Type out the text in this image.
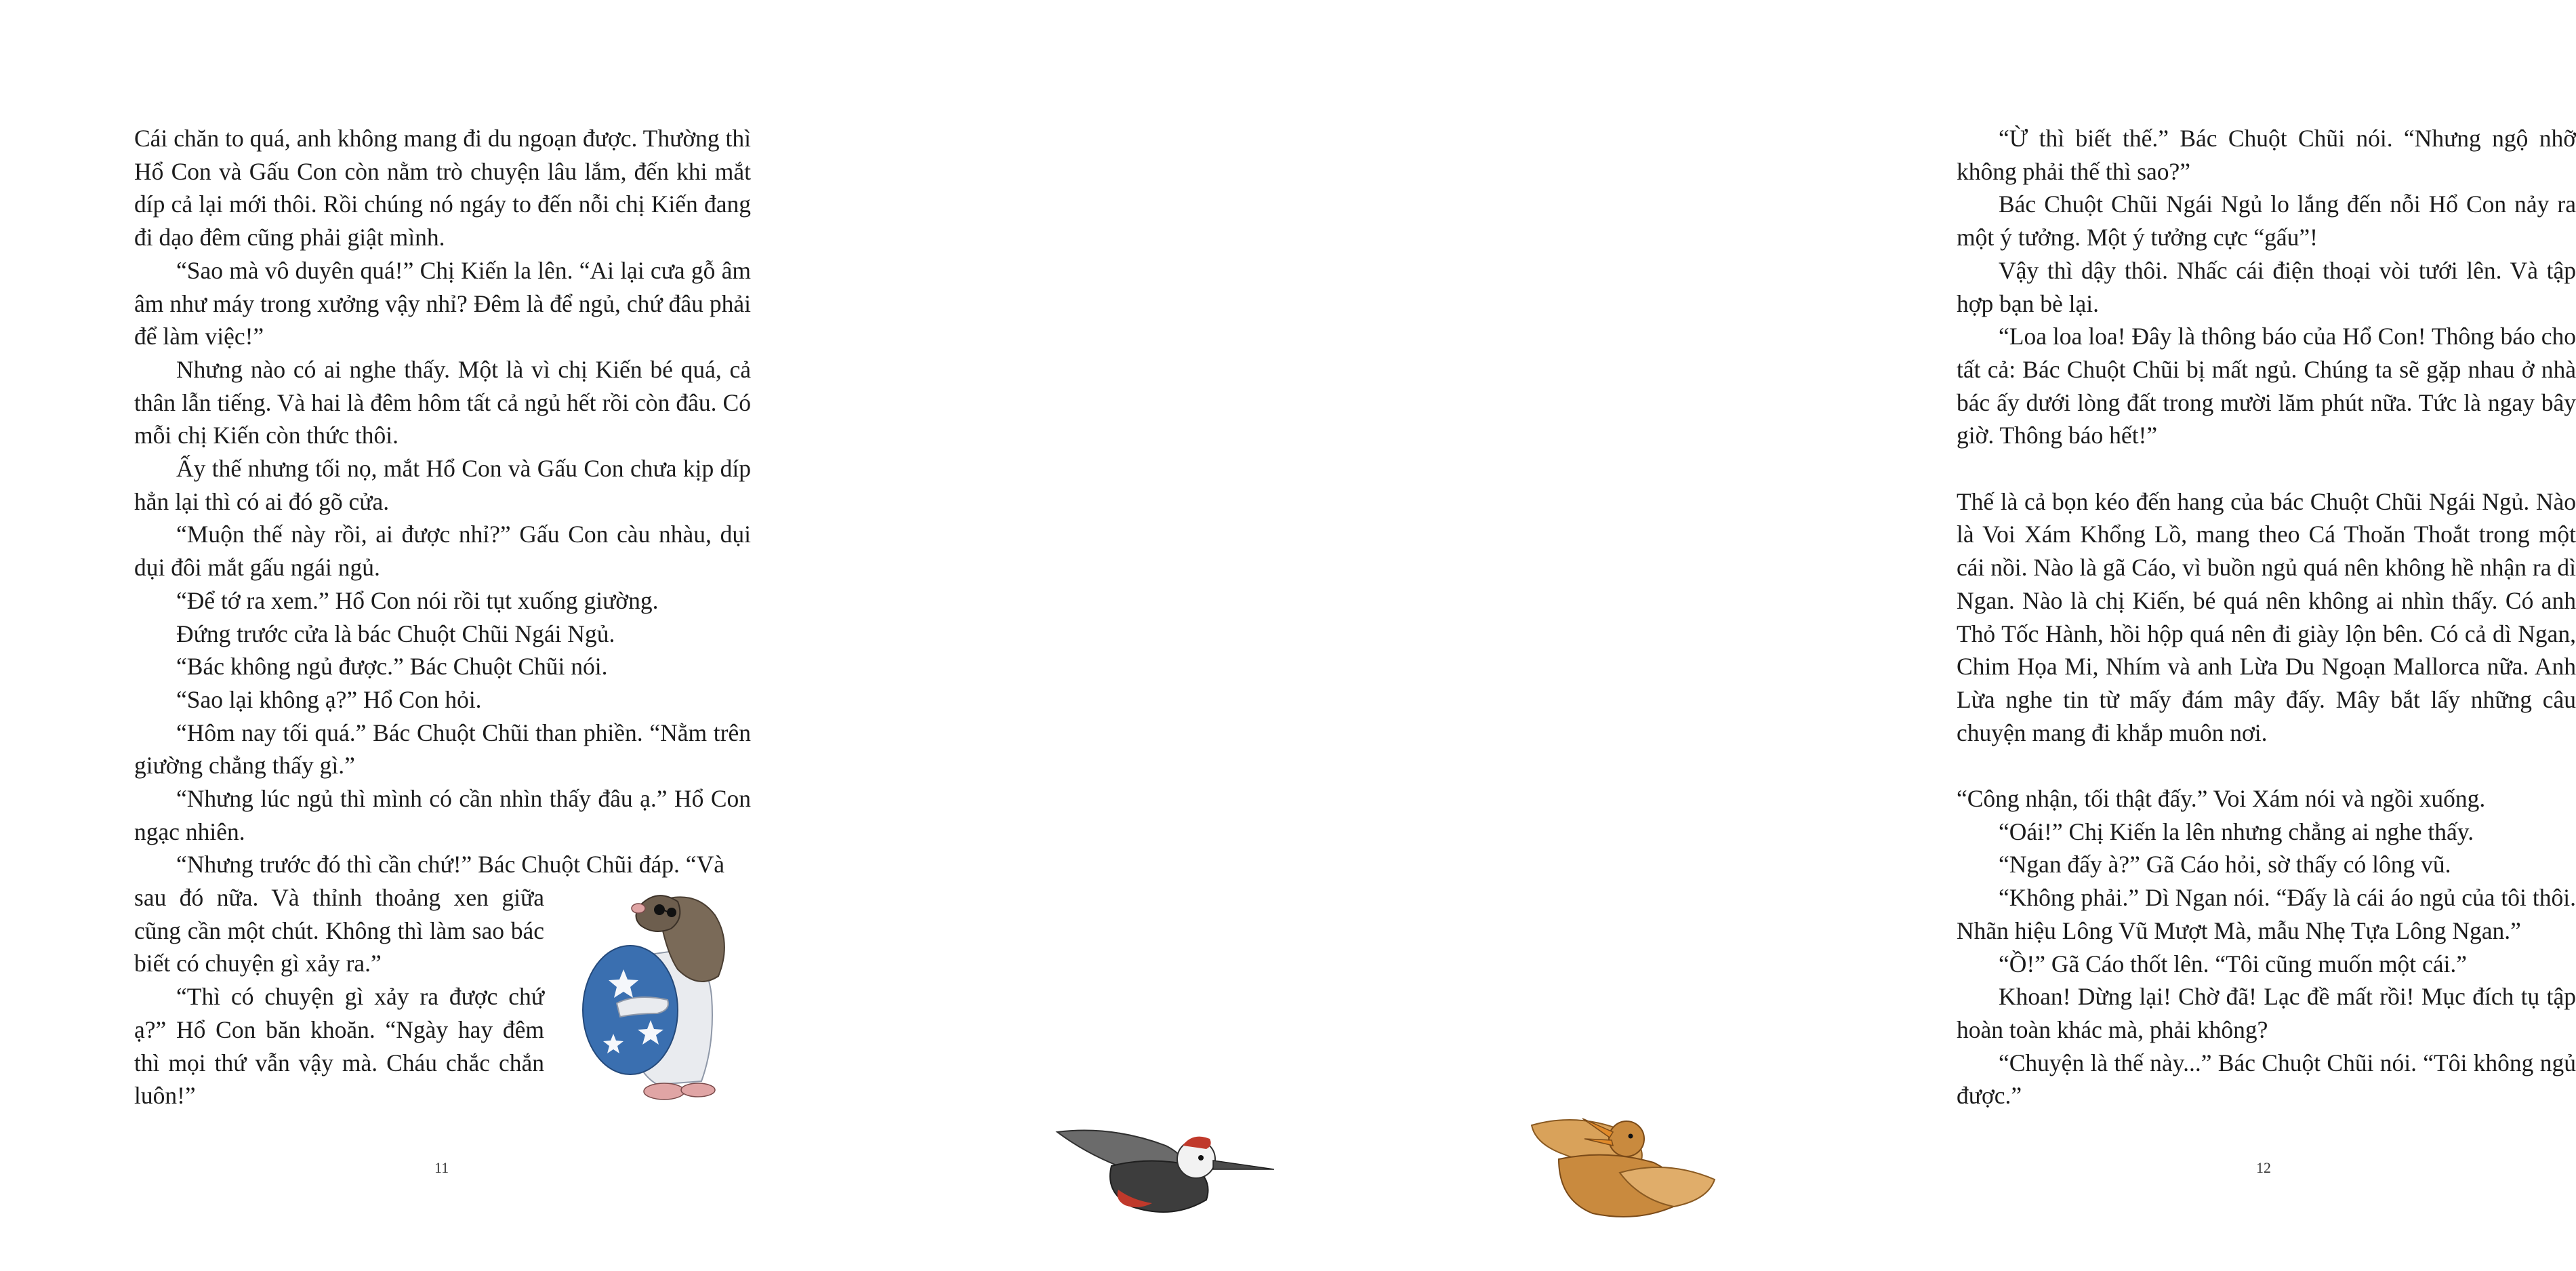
Cái chăn to quá, anh không mang đi du ngoạn được. Thường thì Hổ Con và Gấu Con còn nằm trò chuyện lâu lắm, đến khi mắt díp cả lại mới thôi. Rồi chúng nó ngáy to đến nỗi chị Kiến đang đi dạo đêm cũng phải giật mình.

“Sao mà vô duyên quá!” Chị Kiến la lên. “Ai lại cưa gỗ âm âm như máy trong xưởng vậy nhỉ? Đêm là để ngủ, chứ đâu phải để làm việc!”

Nhưng nào có ai nghe thấy. Một là vì chị Kiến bé quá, cả thân lẫn tiếng. Và hai là đêm hôm tất cả ngủ hết rồi còn đâu. Có mỗi chị Kiến còn thức thôi.

Ấy thế nhưng tối nọ, mắt Hổ Con và Gấu Con chưa kịp díp hẳn lại thì có ai đó gõ cửa.

“Muộn thế này rồi, ai được nhỉ?” Gấu Con càu nhàu, dụi dụi đôi mắt gấu ngái ngủ.

“Để tớ ra xem.” Hổ Con nói rồi tụt xuống giường.

Đứng trước cửa là bác Chuột Chũi Ngái Ngủ.

“Bác không ngủ được.” Bác Chuột Chũi nói.

“Sao lại không ạ?” Hổ Con hỏi.

“Hôm nay tối quá.” Bác Chuột Chũi than phiền. “Nằm trên giường chẳng thấy gì.”

“Nhưng lúc ngủ thì mình có cần nhìn thấy đâu ạ.” Hổ Con ngạc nhiên.

“Nhưng trước đó thì cần chứ!” Bác Chuột Chũi đáp. “Và

sau đó nữa. Và thỉnh thoảng xen giữa cũng cần một chút. Không thì làm sao bác biết có chuyện gì xảy ra.”

“Thì có chuyện gì xảy ra được chứ ạ?” Hổ Con băn khoăn. “Ngày hay đêm thì mọi thứ vẫn vậy mà. Cháu chắc chắn luôn!”

11

“Ừ thì biết thế.” Bác Chuột Chũi nói. “Nhưng ngộ nhỡ không phải thế thì sao?”

Bác Chuột Chũi Ngái Ngủ lo lắng đến nỗi Hổ Con nảy ra một ý tưởng. Một ý tưởng cực “gấu”!

Vậy thì dậy thôi. Nhấc cái điện thoại vòi tưới lên. Và tập hợp bạn bè lại.

“Loa loa loa! Đây là thông báo của Hổ Con! Thông báo cho tất cả: Bác Chuột Chũi bị mất ngủ. Chúng ta sẽ gặp nhau ở nhà bác ấy dưới lòng đất trong mười lăm phút nữa. Tức là ngay bây giờ. Thông báo hết!”

Thế là cả bọn kéo đến hang của bác Chuột Chũi Ngái Ngủ. Nào là Voi Xám Khổng Lồ, mang theo Cá Thoăn Thoắt trong một cái nồi. Nào là gã Cáo, vì buồn ngủ quá nên không hề nhận ra dì Ngan. Nào là chị Kiến, bé quá nên không ai nhìn thấy. Có anh Thỏ Tốc Hành, hồi hộp quá nên đi giày lộn bên. Có cả dì Ngan, Chim Họa Mi, Nhím và anh Lừa Du Ngoạn Mallorca nữa. Anh Lừa nghe tin từ mấy đám mây đấy. Mây bắt lấy những câu chuyện mang đi khắp muôn nơi.

“Công nhận, tối thật đấy.” Voi Xám nói và ngồi xuống.

“Oái!” Chị Kiến la lên nhưng chẳng ai nghe thấy.

“Ngan đấy à?” Gã Cáo hỏi, sờ thấy có lông vũ.

“Không phải.” Dì Ngan nói. “Đấy là cái áo ngủ của tôi thôi. Nhãn hiệu Lông Vũ Mượt Mà, mẫu Nhẹ Tựa Lông Ngan.”

“Ồ!” Gã Cáo thốt lên. “Tôi cũng muốn một cái.”

Khoan! Dừng lại! Chờ đã! Lạc đề mất rồi! Mục đích tụ tập hoàn toàn khác mà, phải không?

“Chuyện là thế này...” Bác Chuột Chũi nói. “Tôi không ngủ được.”

12
